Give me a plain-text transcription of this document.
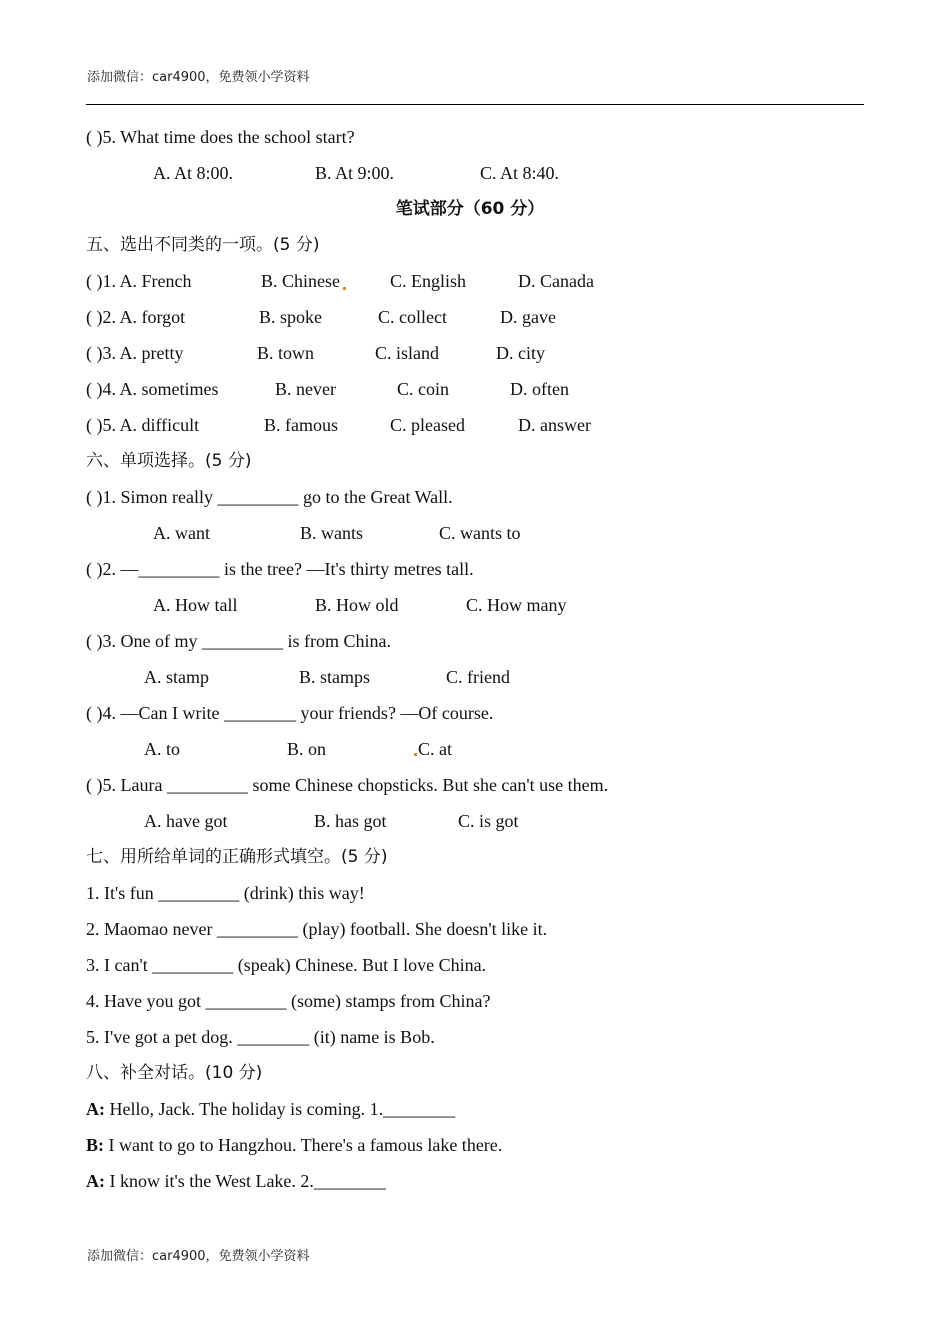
添加微信：car4900，免费领小学资料
( )5. What time does the school start?
A. At 8:00.	B. At 9:00.	C. At 8:40.
笔试部分（60 分）
五、选出不同类的一项。(5 分)
( )1. A. French	B. Chinese	C. English	D. Canada
( )2. A. forgot	B. spoke	C. collect	D. gave
( )3. A. pretty	B. town	C. island	D. city
( )4. A. sometimes	B. never	C. coin	D. often
( )5. A. difficult	B. famous	C. pleased	D. answer
六、单项选择。(5 分)
( )1. Simon really _________ go to the Great Wall.
A. want	B. wants	C. wants to
( )2. —_________ is the tree? —It's thirty metres tall.
A. How tall	B. How old	C. How many
( )3. One of my _________ is from China.
A. stamp	B. stamps	C. friend
( )4. —Can I write ________ your friends? —Of course.
A. to	B. on	C. at
( )5. Laura _________ some Chinese chopsticks. But she can't use them.
A. have got	B. has got	C. is got
七、用所给单词的正确形式填空。(5 分)
1. It's fun _________ (drink) this way!
2. Maomao never _________ (play) football. She doesn't like it.
3. I can't _________ (speak) Chinese. But I love China.
4. Have you got _________ (some) stamps from China?
5. I've got a pet dog. ________ (it) name is Bob.
八、补全对话。(10 分)
A: Hello, Jack. The holiday is coming. 1.________
B: I want to go to Hangzhou. There's a famous lake there.
A: I know it's the West Lake. 2.________
添加微信：car4900，免费领小学资料
